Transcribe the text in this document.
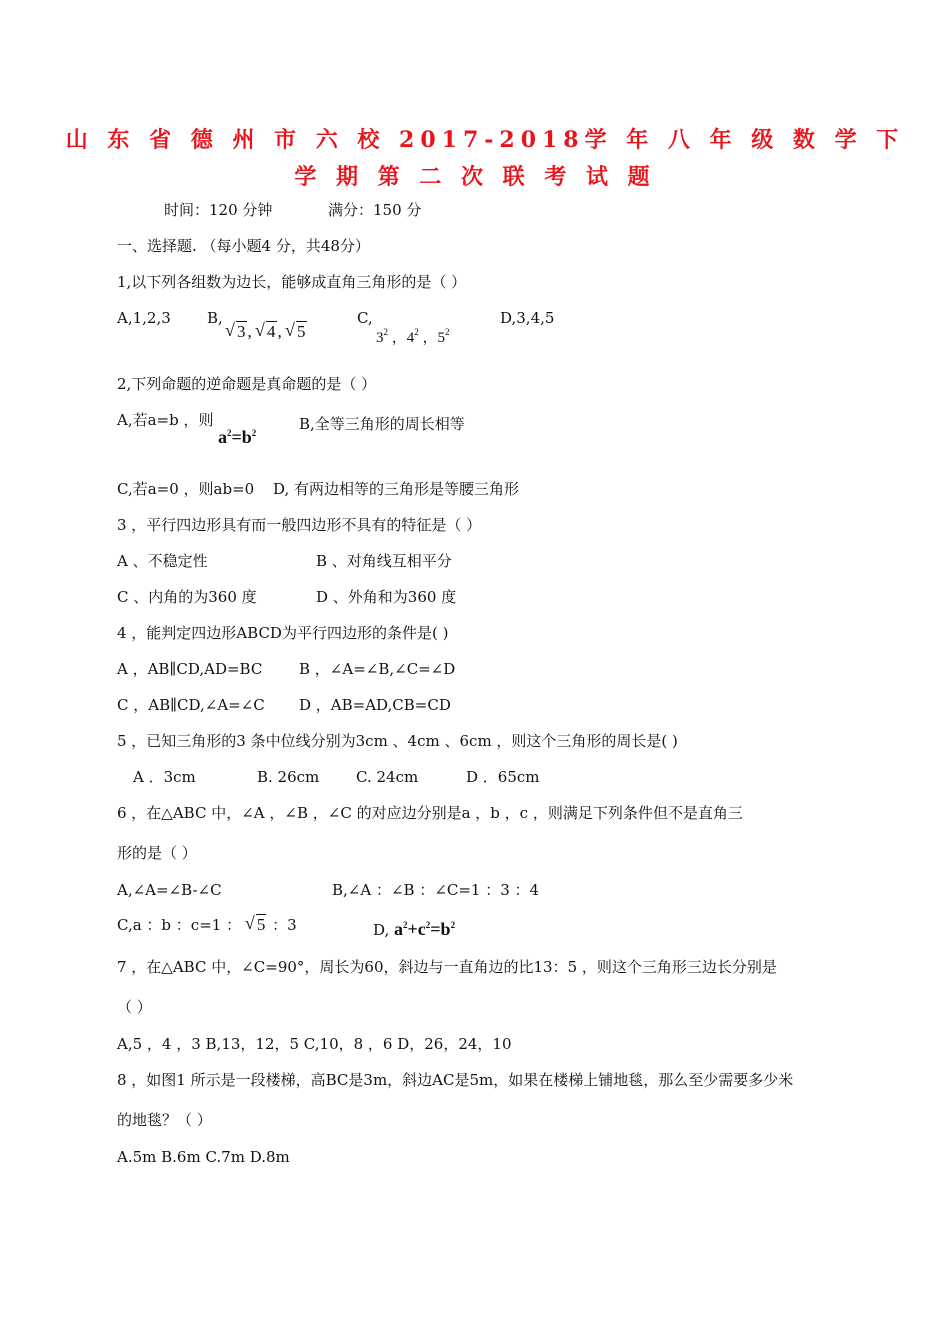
山 东 省 德 州 市 六 校 2017-2018学 年 八 年 级 数 学 下
学 期 第 二 次 联 考 试 题
时间：120 分钟	满分：150 分
一、选择题. （每小题4 分，共48分）
1,以下列各组数为边长，能够成直角三角形的是（ ）
A,1,2,3 B,
√ 3 , √ 4 , √ 5
C,
$3^2$ ，$4^2$ ，$5^2$
D,3,4,5
2,下列命题的逆命题是真命题的是（ ）
A,若a=b ，则
$a^2=b^2$	B,全等三角形的周长相等
C,若a=0 ，则ab=0 D, 有两边相等的三角形是等腰三角形
3 ，平行四边形具有而一般四边形不具有的特征是（ ）
A 、不稳定性	B 、对角线互相平分
C 、内角的为360 度	D 、外角和为360 度
4 ，能判定四边形ABCD为平行四边形的条件是( )
A ，AB∥CD,AD=BC B ，∠A=∠B,∠C=∠D
C ，AB∥CD,∠A=∠C D ，AB=AD,CB=CD
5 ，已知三角形的3 条中位线分别为3cm 、4cm 、6cm ，则这个三角形的周长是( )
A ．3cm	B. 26cm C. 24cm	D ．65cm
6 ，在△ABC 中，∠A ，∠B ，∠C 的对应边分别是a ，b ，c ，则满足下列条件但不是直角三
形的是（ ）
A,∠A=∠B-∠C	B,∠A ：∠B ：∠C=1 ：3 ：4
C,a ：b ：c=1 ： √ 5 ：3	D, $a^2+c^2=b^2$
7 ，在△ABC 中，∠C=90°，周长为60，斜边与一直角边的比13：5 ，则这个三角形三边长分别是
（ ）
A,5 ，4 ，3 B,13，12，5 C,10，8 ，6 D，26，24，10
8 ，如图1 所示是一段楼梯，高BC是3m，斜边AC是5m，如果在楼梯上铺地毯，那么至少需要多少米
的地毯？（ ）
A.5m B.6m C.7m D.8m
